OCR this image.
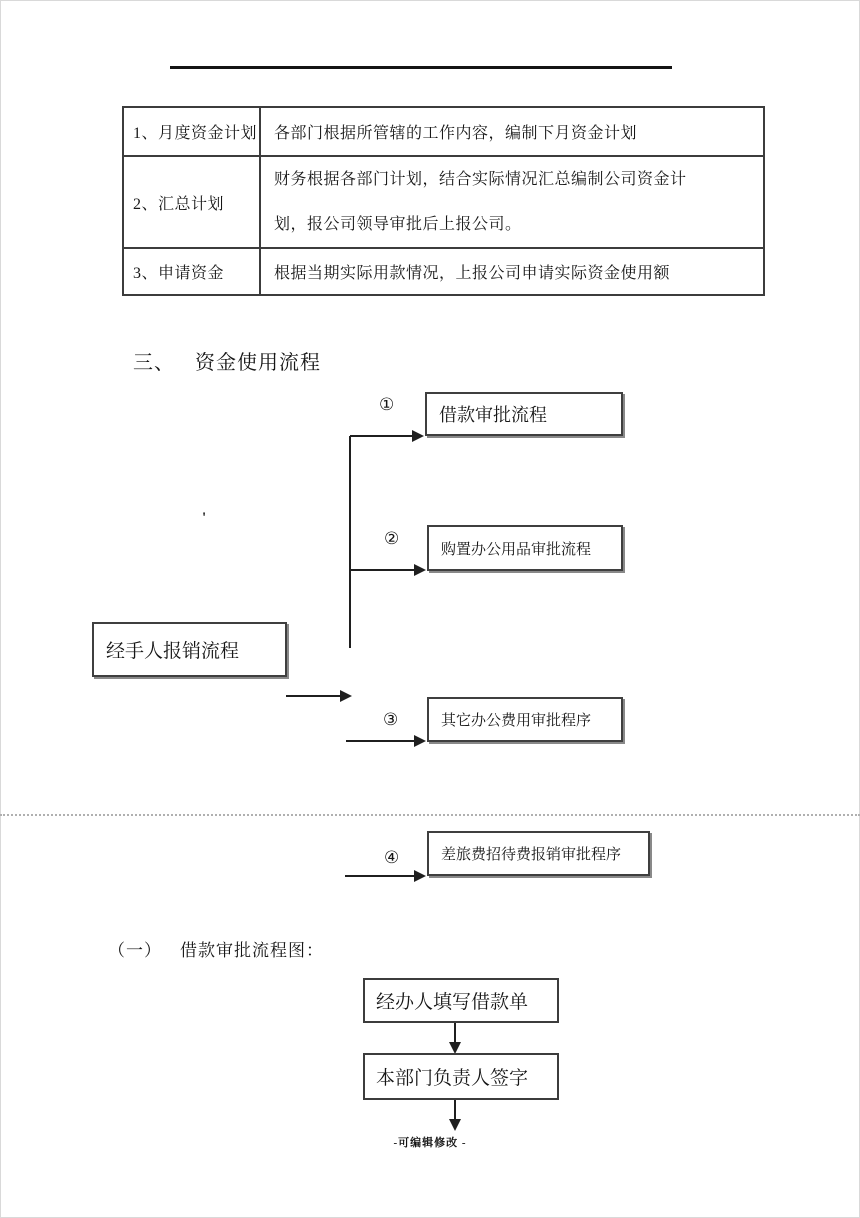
1、月度资金计划	各部门根据所管辖的工作内容，编制下月资金计划
2、汇总计划	财务根据各部门计划，结合实际情况汇总编制公司资金计划，报公司领导审批后上报公司。

3、申请资金	根据当期实际用款情况，上报公司申请实际资金使用额
三、 资金使用流程
'
①
借款审批流程
②
购置办公用品审批流程
经手人报销流程
③	其它办公费用审批程序
④	差旅费招待费报销审批程序
（一） 借款审批流程图：
经办人填写借款单
本部门负责人签字
-可编辑修改 -
